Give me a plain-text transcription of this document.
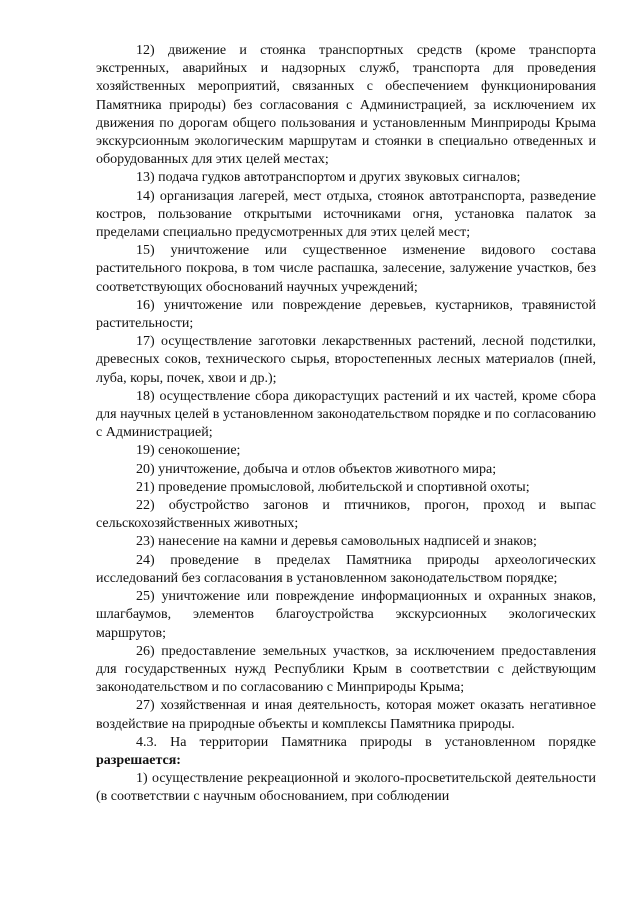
12) движение и стоянка транспортных средств (кроме транспорта экстренных, аварийных и надзорных служб, транспорта для проведения хозяйственных мероприятий, связанных с обеспечением функционирования Памятника природы) без согласования с Администрацией, за исключением их движения по дорогам общего пользования и установленным Минприроды Крыма экскурсионным экологическим маршрутам и стоянки в специально отведенных и оборудованных для этих целей местах;

13) подача гудков автотранспортом и других звуковых сигналов;

14) организация лагерей, мест отдыха, стоянок автотранспорта, разведение костров, пользование открытыми источниками огня, установка палаток за пределами специально предусмотренных для этих целей мест;

15) уничтожение или существенное изменение видового состава растительного покрова, в том числе распашка, залесение, залужение участков, без соответствующих обоснований научных учреждений;

16) уничтожение или повреждение деревьев, кустарников, травянистой растительности;

17) осуществление заготовки лекарственных растений, лесной подстилки, древесных соков, технического сырья, второстепенных лесных материалов (пней, луба, коры, почек, хвои и др.);

18) осуществление сбора дикорастущих растений и их частей, кроме сбора для научных целей в установленном законодательством порядке и по согласованию с Администрацией;

19) сенокошение;

20) уничтожение, добыча и отлов объектов животного мира;

21) проведение промысловой, любительской и спортивной охоты;

22) обустройство загонов и птичников, прогон, проход и выпас сельскохозяйственных животных;

23) нанесение на камни и деревья самовольных надписей и знаков;

24) проведение в пределах Памятника природы археологических исследований без согласования в установленном законодательством порядке;

25) уничтожение или повреждение информационных и охранных знаков, шлагбаумов, элементов благоустройства экскурсионных экологических маршрутов;

26) предоставление земельных участков, за исключением предоставления для государственных нужд Республики Крым в соответствии с действующим законодательством и по согласованию с Минприроды Крыма;

27) хозяйственная и иная деятельность, которая может оказать негативное воздействие на природные объекты и комплексы Памятника природы.

4.3. На территории Памятника природы в установленном порядке разрешается:

1) осуществление рекреационной и эколого-просветительской деятельности (в соответствии с научным обоснованием, при соблюдении
